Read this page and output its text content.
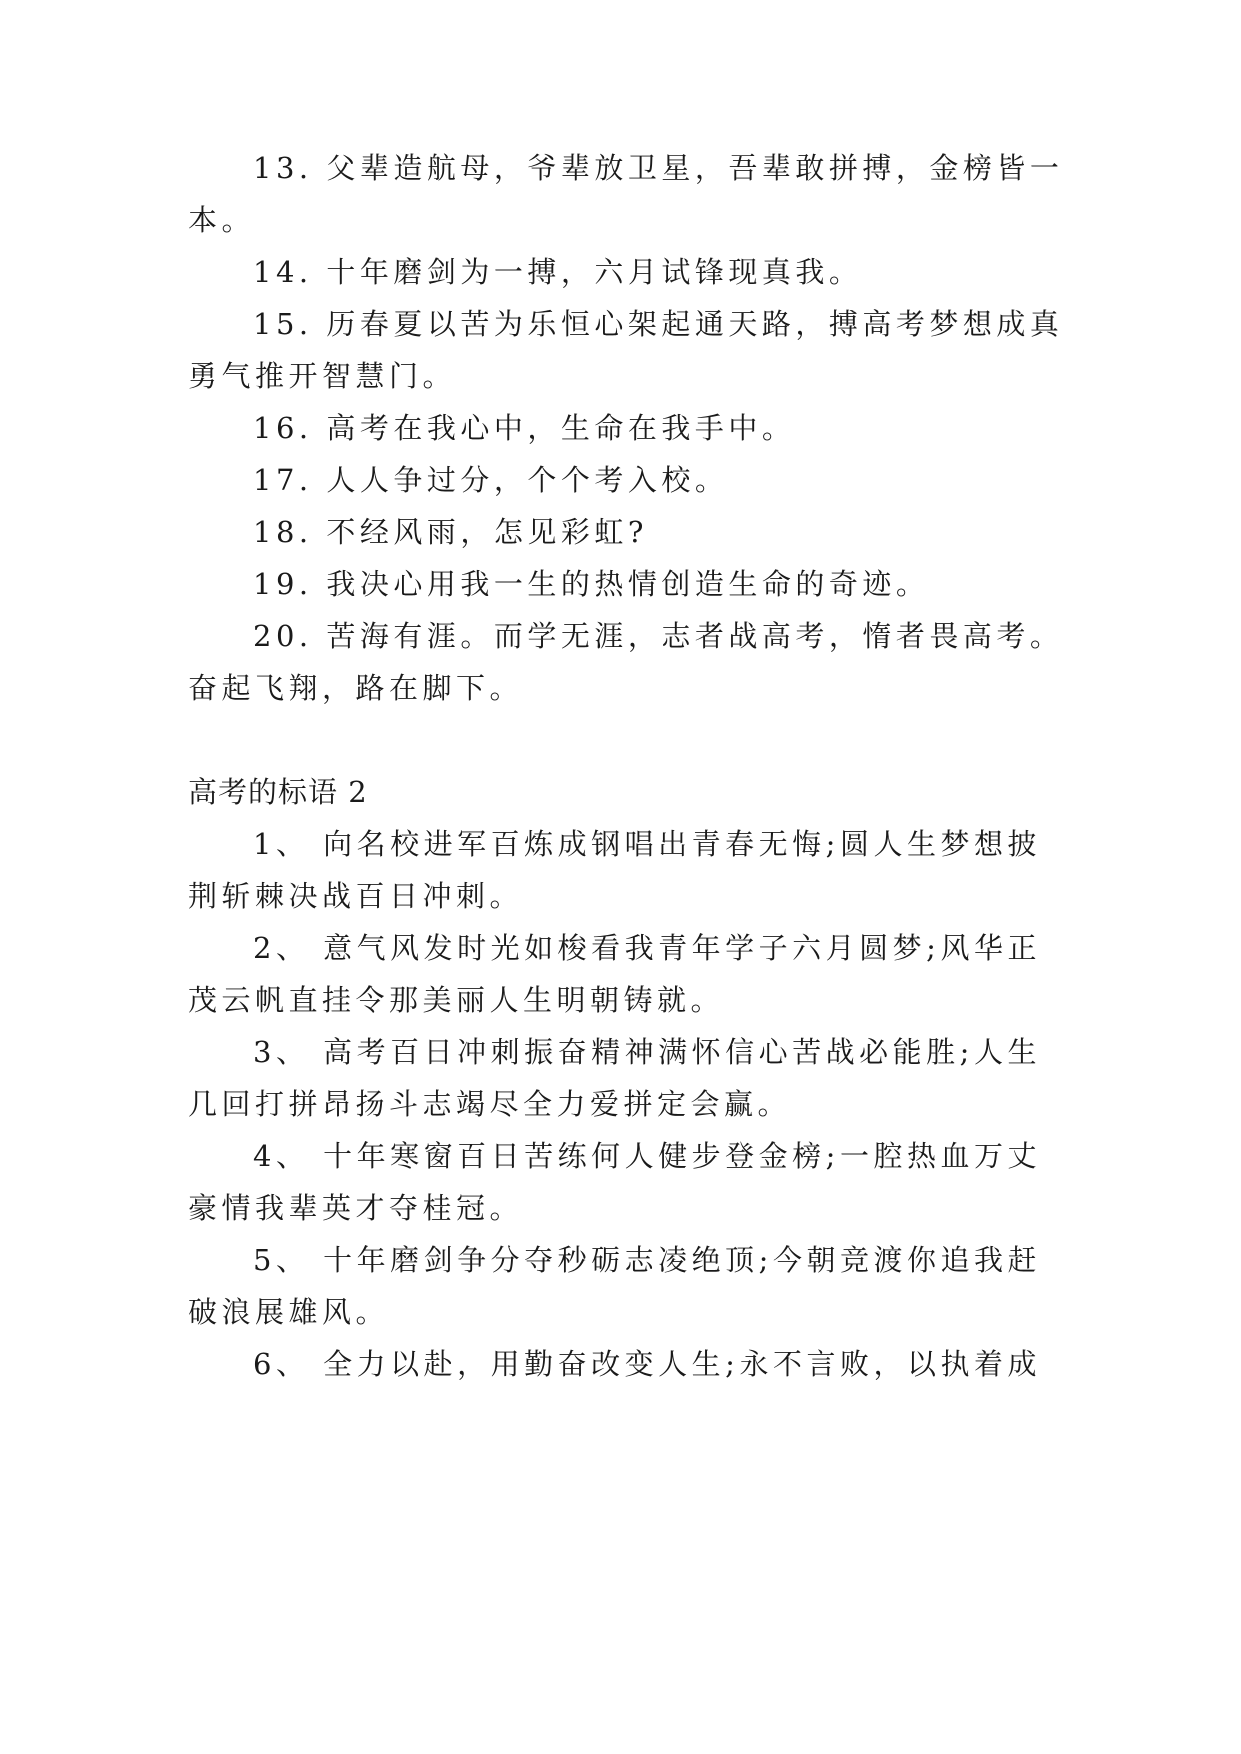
13. 父辈造航母，爷辈放卫星，吾辈敢拼搏，金榜皆一
本。
14. 十年磨剑为一搏，六月试锋现真我。
15. 历春夏以苦为乐恒心架起通天路，搏高考梦想成真
勇气推开智慧门。
16. 高考在我心中，生命在我手中。
17. 人人争过分，个个考入校。
18. 不经风雨，怎见彩虹?
19. 我决心用我一生的热情创造生命的奇迹。
20. 苦海有涯。而学无涯，志者战高考，惰者畏高考。
奋起飞翔，路在脚下。
高考的标语 2
1、 向名校进军百炼成钢唱出青春无悔;圆人生梦想披
荆斩棘决战百日冲刺。
2、 意气风发时光如梭看我青年学子六月圆梦;风华正
茂云帆直挂令那美丽人生明朝铸就。
3、 高考百日冲刺振奋精神满怀信心苦战必能胜;人生
几回打拼昂扬斗志竭尽全力爱拼定会赢。
4、 十年寒窗百日苦练何人健步登金榜;一腔热血万丈
豪情我辈英才夺桂冠。
5、 十年磨剑争分夺秒砺志凌绝顶;今朝竞渡你追我赶
破浪展雄风。
6、 全力以赴，用勤奋改变人生;永不言败，以执着成
